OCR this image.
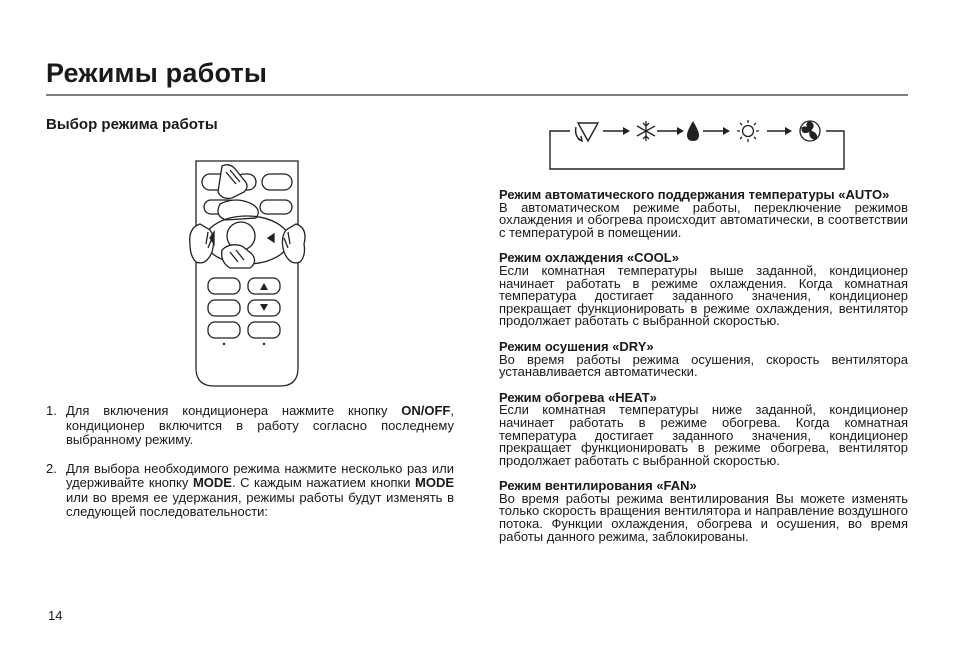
Режимы работы
Выбор режима работы
1. Для включения кондиционера нажмите кнопку ON/OFF, кондиционер включится в работу согласно последнему выбранному режиму.
2. Для выбора необходимого режима нажмите несколько раз или удерживайте кнопку MODE. С каждым нажатием кнопки MODE или во время ее удержания, режимы работы будут изменять в следующей последовательности:
Режим автоматического поддержания температуры «AUTO»
В автоматическом режиме работы, переключение режимов охлаждения и обогрева происходит автоматически, в соответствии с температурой в помещении.
Режим охлаждения «COOL»
Если комнатная температуры выше заданной, кондиционер начинает работать в режиме охлаждения. Когда комнатная температура достигает заданного значения, кондиционер прекращает функционировать в режиме охлаждения, вентилятор продолжает работать с выбранной скоростью.
Режим осушения «DRY»
Во время работы режима осушения, скорость вентилятора устанавливается автоматически.
Режим обогрева «HEAT»
Если комнатная температуры ниже заданной, кондиционер начинает работать в режиме обогрева. Когда комнатная температура достигает заданного значения, кондиционер прекращает функционировать в режиме обогрева, вентилятор продолжает работать с выбранной скоростью.
Режим вентилирования «FAN»
Во время работы режима вентилирования Вы можете изменять только скорость вращения вентилятора и направление воздушного потока. Функции охлаждения, обогрева и осушения, во время работы данного режима, заблокированы.
14
